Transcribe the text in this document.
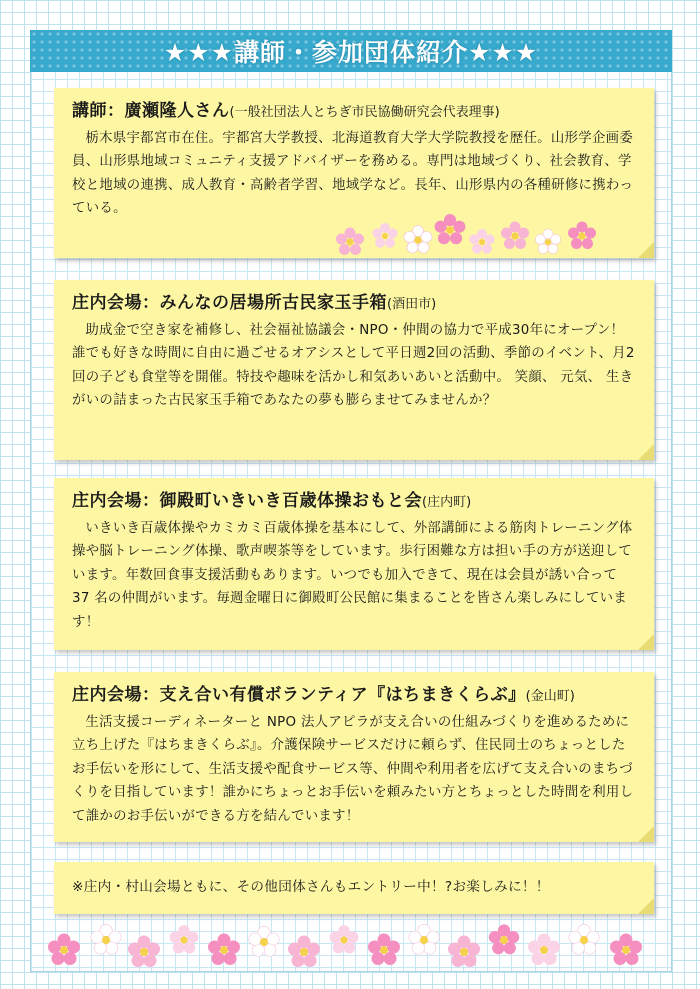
★★★講師・参加団体紹介★★★
講師：廣瀬隆人さん(一般社団法人とちぎ市民協働研究会代表理事)

栃木県宇都宮市在住。宇都宮大学教授、北海道教育大学大学院教授を歴任。山形学企画委員、山形県地域コミュニティ支援アドバイザーを務める。専門は地域づくり、社会教育、学校と地域の連携、成人教育・高齢者学習、地域学など。長年、山形県内の各種研修に携わっている。

庄内会場：みんなの居場所古民家玉手箱(酒田市)

助成金で空き家を補修し、社会福祉協議会・NPO・仲間の協力で平成30年にオープン！ 誰でも好きな時間に自由に過ごせるオアシスとして平日週2回の活動、季節のイベント、月2回の子ども食堂等を開催。特技や趣味を活かし和気あいあいと活動中。 笑顔、 元気、 生きがいの詰まった古民家玉手箱であなたの夢も膨らませてみませんか？

庄内会場：御殿町いきいき百歳体操おもと会(庄内町)

いきいき百歳体操やカミカミ百歳体操を基本にして、外部講師による筋肉トレーニング体操や脳トレーニング体操、歌声喫茶等をしています。歩行困難な方は担い手の方が送迎しています。年数回食事支援活動もあります。いつでも加入できて、現在は会員が誘い合って 37 名の仲間がいます。毎週金曜日に御殿町公民館に集まることを皆さん楽しみにしています！

庄内会場：支え合い有償ボランティア『はちまきくらぶ』(金山町)

生活支援コーディネーターと NPO 法人アピラが支え合いの仕組みづくりを進めるために立ち上げた『はちまきくらぶ』。介護保険サービスだけに頼らず、住民同士のちょっとしたお手伝いを形にして、生活支援や配食サービス等、仲間や利用者を広げて支え合いのまちづくりを目指しています！誰かにちょっとお手伝いを頼みたい方とちょっとした時間を利用して誰かのお手伝いができる方を結んでいます！

※庄内・村山会場ともに、その他団体さんもエントリー中！?お楽しみに！！
